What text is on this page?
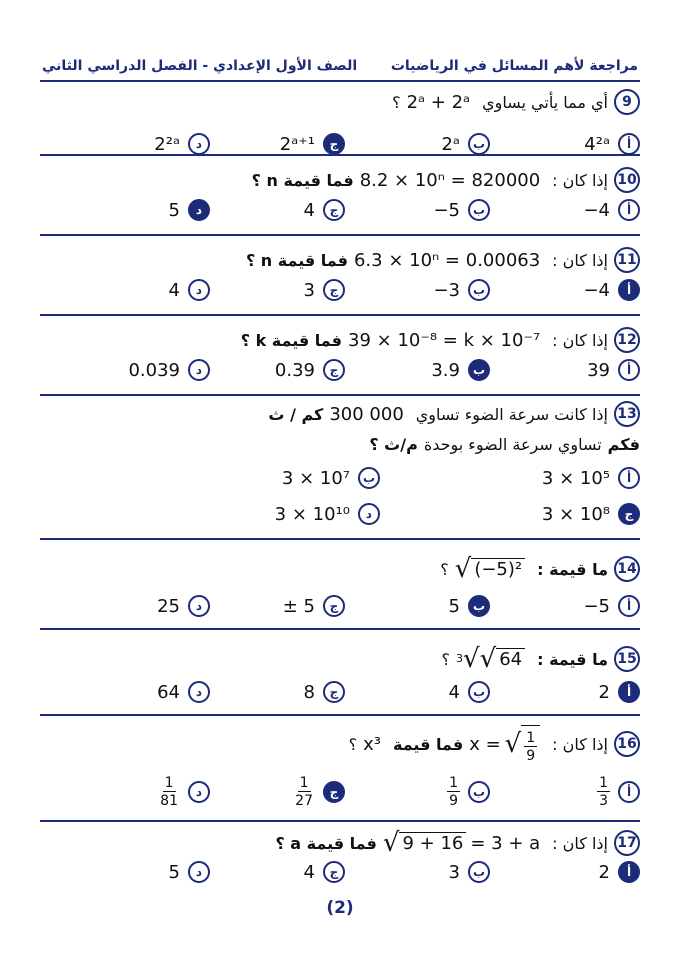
مراجعة لأهم المسائل في الرياضيات
الصف الأول الإعدادي - الفصل الدراسي الثاني
9
أي مما يأتي يساوي
2ᵃ + 2ᵃ
؟
4²ᵃ	أ
2ᵃ	ب
2ᵃ⁺¹	ج
2²ᵃ	د
10
إذا كان :
8.2 × 10ⁿ = 820000
فما قيمة n ؟
−4	أ
−5	ب
4	ج
5	د
11
إذا كان :
6.3 × 10ⁿ = 0.00063
فما قيمة n ؟
−4	أ
−3	ب
3	ج
4	د
12
إذا كان :
39 × 10⁻⁸ = k × 10⁻⁷
فما قيمة k ؟
39	أ
3.9	ب
0.39	ج
0.039	د
13
إذا كانت سرعة الضوء تساوي
300 000
كم / ث
فكم
تساوي سرعة الضوء بوحدة
م/ث ؟
3 × 10⁵	أ
3 × 10⁷	ب
3 × 10⁸	ج
3 × 10¹⁰	د
14
ما قيمة :
√ (−5)²
؟
−5	أ
5	ب
± 5	ج
25	د
15
ما قيمة :
3 √ √ 64
؟
2	أ
4	ب
8	ج
64	د
16
إذا كان :
x = √ $\frac{1}{9}$
فما قيمة
x³
؟
$\frac{1}{3}$	أ
$\frac{1}{9}$	ب
$\frac{1}{27}$	ج
$\frac{1}{81}$	د
17
إذا كان :
√ 9 + 16 = 3 + a
فما قيمة a ؟
2	أ
3	ب
4	ج
5	د
(2)
